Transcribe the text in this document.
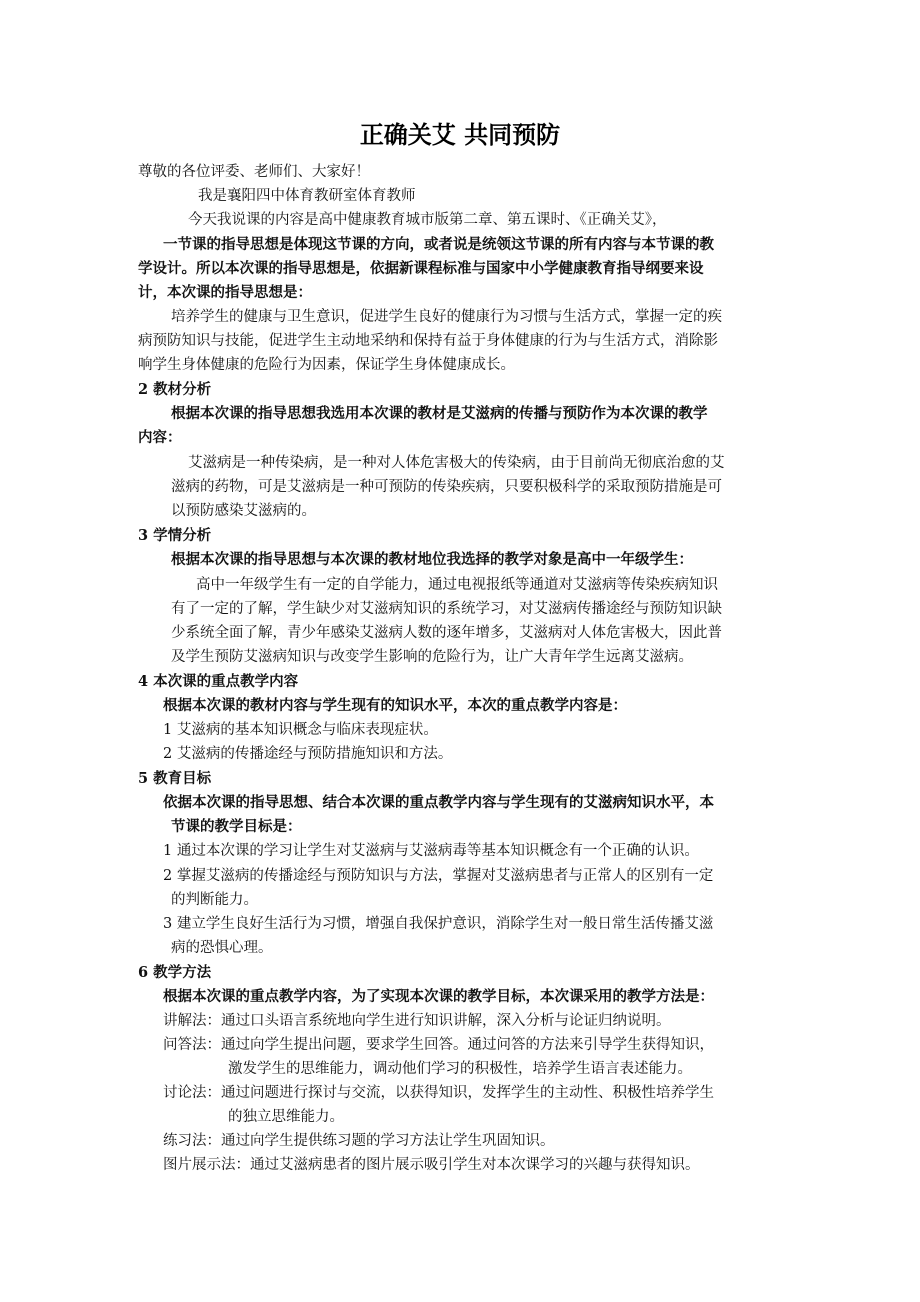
正确关艾 共同预防
尊敬的各位评委、老师们、大家好！
我是襄阳四中体育教研室体育教师
今天我说课的内容是高中健康教育城市版第二章、第五课时、《正确关艾》，
一节课的指导思想是体现这节课的方向，或者说是统领这节课的所有内容与本节课的教
学设计。所以本次课的指导思想是，依据新课程标准与国家中小学健康教育指导纲要来设
计，本次课的指导思想是：
培养学生的健康与卫生意识，促进学生良好的健康行为习惯与生活方式，掌握一定的疾
病预防知识与技能，促进学生主动地采纳和保持有益于身体健康的行为与生活方式，消除影
响学生身体健康的危险行为因素，保证学生身体健康成长。
2 教材分析
根据本次课的指导思想我选用本次课的教材是艾滋病的传播与预防作为本次课的教学
内容：
艾滋病是一种传染病，是一种对人体危害极大的传染病，由于目前尚无彻底治愈的艾
滋病的药物，可是艾滋病是一种可预防的传染疾病，只要积极科学的采取预防措施是可
以预防感染艾滋病的。
3 学情分析
根据本次课的指导思想与本次课的教材地位我选择的教学对象是高中一年级学生：
高中一年级学生有一定的自学能力，通过电视报纸等通道对艾滋病等传染疾病知识
有了一定的了解，学生缺少对艾滋病知识的系统学习，对艾滋病传播途经与预防知识缺
少系统全面了解，青少年感染艾滋病人数的逐年增多，艾滋病对人体危害极大，因此普
及学生预防艾滋病知识与改变学生影响的危险行为，让广大青年学生远离艾滋病。
4 本次课的重点教学内容
根据本次课的教材内容与学生现有的知识水平，本次的重点教学内容是：
1 艾滋病的基本知识概念与临床表现症状。
2 艾滋病的传播途经与预防措施知识和方法。
5 教育目标
依据本次课的指导思想、结合本次课的重点教学内容与学生现有的艾滋病知识水平，本
节课的教学目标是：
1 通过本次课的学习让学生对艾滋病与艾滋病毒等基本知识概念有一个正确的认识。
2 掌握艾滋病的传播途经与预防知识与方法，掌握对艾滋病患者与正常人的区别有一定
的判断能力。
3 建立学生良好生活行为习惯，增强自我保护意识，消除学生对一般日常生活传播艾滋
病的恐惧心理。
6 教学方法
根据本次课的重点教学内容，为了实现本次课的教学目标，本次课采用的教学方法是：
讲解法：通过口头语言系统地向学生进行知识讲解，深入分析与论证归纳说明。
问答法：通过向学生提出问题，要求学生回答。通过问答的方法来引导学生获得知识，
激发学生的思维能力，调动他们学习的积极性，培养学生语言表述能力。
讨论法：通过问题进行探讨与交流，以获得知识，发挥学生的主动性、积极性培养学生
的独立思维能力。
练习法：通过向学生提供练习题的学习方法让学生巩固知识。
图片展示法：通过艾滋病患者的图片展示吸引学生对本次课学习的兴趣与获得知识。
